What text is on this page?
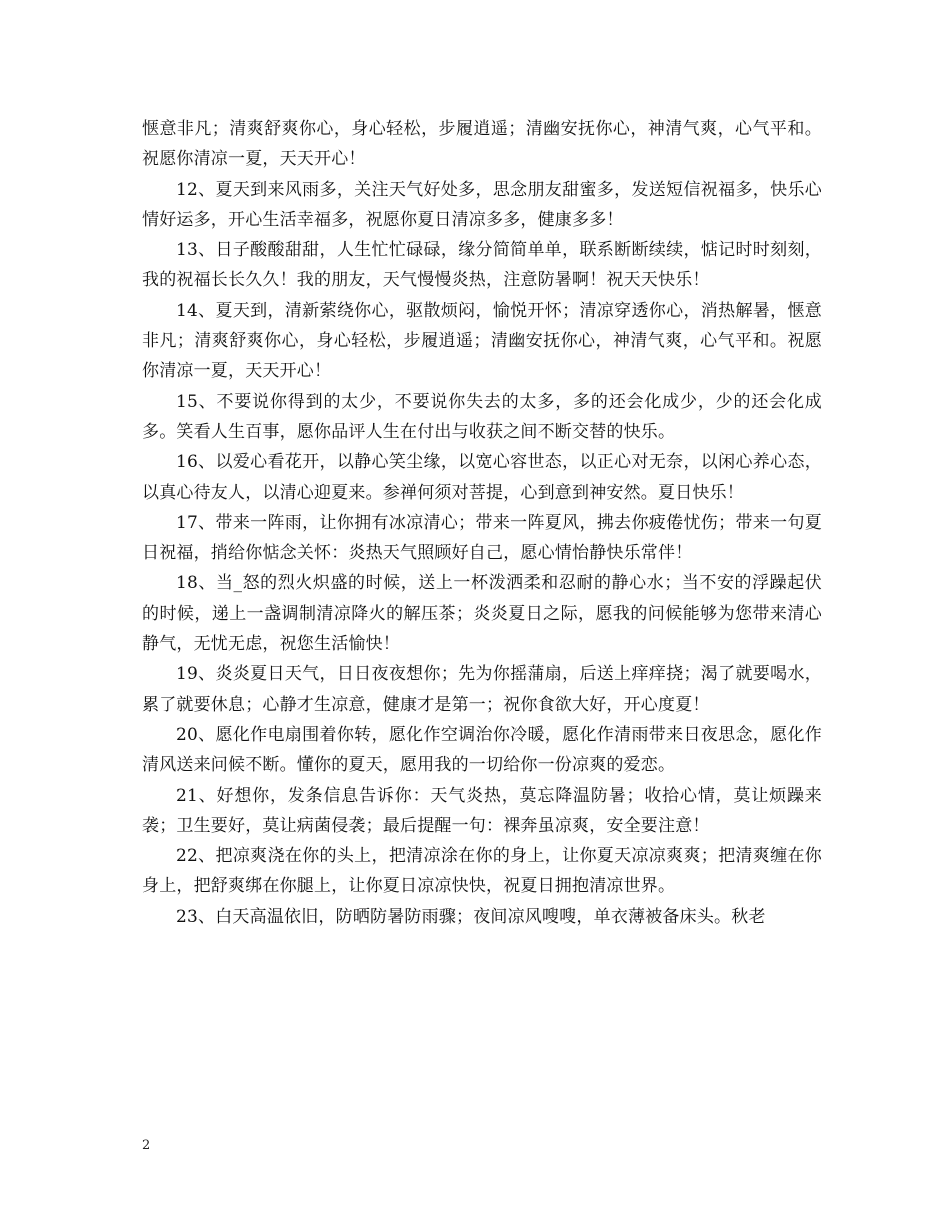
惬意非凡；清爽舒爽你心，身心轻松，步履逍遥；清幽安抚你心，神清气爽，心气平和。祝愿你清凉一夏，天天开心！

12、夏天到来风雨多，关注天气好处多，思念朋友甜蜜多，发送短信祝福多，快乐心情好运多，开心生活幸福多，祝愿你夏日清凉多多，健康多多！

13、日子酸酸甜甜，人生忙忙碌碌，缘分简简单单，联系断断续续，惦记时时刻刻，我的祝福长长久久！我的朋友，天气慢慢炎热，注意防暑啊！祝天天快乐！

14、夏天到，清新萦绕你心，驱散烦闷，愉悦开怀；清凉穿透你心，消热解暑，惬意非凡；清爽舒爽你心，身心轻松，步履逍遥；清幽安抚你心，神清气爽，心气平和。祝愿你清凉一夏，天天开心！

15、不要说你得到的太少，不要说你失去的太多，多的还会化成少，少的还会化成多。笑看人生百事，愿你品评人生在付出与收获之间不断交替的快乐。

16、以爱心看花开，以静心笑尘缘，以宽心容世态，以正心对无奈，以闲心养心态，以真心待友人，以清心迎夏来。参禅何须对菩提，心到意到神安然。夏日快乐！

17、带来一阵雨，让你拥有冰凉清心；带来一阵夏风，拂去你疲倦忧伤；带来一句夏日祝福，捎给你惦念关怀：炎热天气照顾好自己，愿心情怡静快乐常伴！

18、当_怒的烈火炽盛的时候，送上一杯泼洒柔和忍耐的静心水；当不安的浮躁起伏的时候，递上一盏调制清凉降火的解压茶；炎炎夏日之际，愿我的问候能够为您带来清心静气，无忧无虑，祝您生活愉快！

19、炎炎夏日天气，日日夜夜想你；先为你摇蒲扇，后送上痒痒挠；渴了就要喝水，累了就要休息；心静才生凉意，健康才是第一；祝你食欲大好，开心度夏！

20、愿化作电扇围着你转，愿化作空调治你冷暖，愿化作清雨带来日夜思念，愿化作清风送来问候不断。懂你的夏天，愿用我的一切给你一份凉爽的爱恋。

21、好想你，发条信息告诉你：天气炎热，莫忘降温防暑；收拾心情，莫让烦躁来袭；卫生要好，莫让病菌侵袭；最后提醒一句：裸奔虽凉爽，安全要注意！

22、把凉爽浇在你的头上，把清凉涂在你的身上，让你夏天凉凉爽爽；把清爽缠在你身上，把舒爽绑在你腿上，让你夏日凉凉快快，祝夏日拥抱清凉世界。

23、白天高温依旧，防晒防暑防雨骤；夜间凉风嗖嗖，单衣薄被备床头。秋老

2
